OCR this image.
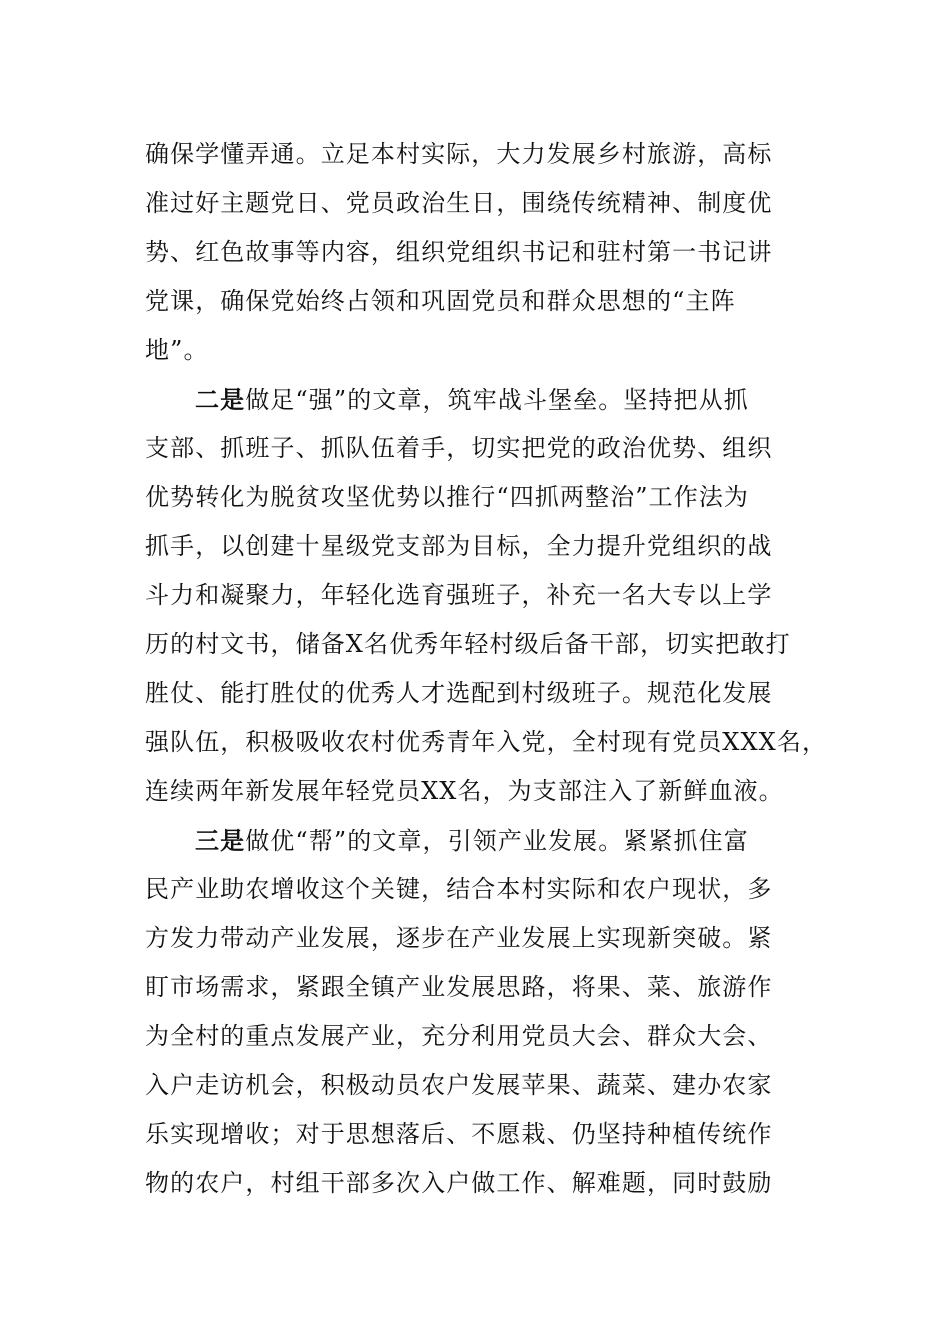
确保学懂弄通。立足本村实际，大力发展乡村旅游，高标
准过好主题党日、党员政治生日，围绕传统精神、制度优
势、红色故事等内容，组织党组织书记和驻村第一书记讲
党课，确保党始终占领和巩固党员和群众思想的“主阵
地”。
二是做足“强”的文章，筑牢战斗堡垒。坚持把从抓
支部、抓班子、抓队伍着手，切实把党的政治优势、组织
优势转化为脱贫攻坚优势以推行“四抓两整治”工作法为
抓手，以创建十星级党支部为目标，全力提升党组织的战
斗力和凝聚力，年轻化选育强班子，补充一名大专以上学
历的村文书，储备X名优秀年轻村级后备干部，切实把敢打
胜仗、能打胜仗的优秀人才选配到村级班子。规范化发展
强队伍，积极吸收农村优秀青年入党，全村现有党员XXX名，
连续两年新发展年轻党员XX名，为支部注入了新鲜血液。
三是做优“帮”的文章，引领产业发展。紧紧抓住富
民产业助农增收这个关键，结合本村实际和农户现状，多
方发力带动产业发展，逐步在产业发展上实现新突破。紧
盯市场需求，紧跟全镇产业发展思路，将果、菜、旅游作
为全村的重点发展产业，充分利用党员大会、群众大会、
入户走访机会，积极动员农户发展苹果、蔬菜、建办农家
乐实现增收；对于思想落后、不愿栽、仍坚持种植传统作
物的农户，村组干部多次入户做工作、解难题，同时鼓励
